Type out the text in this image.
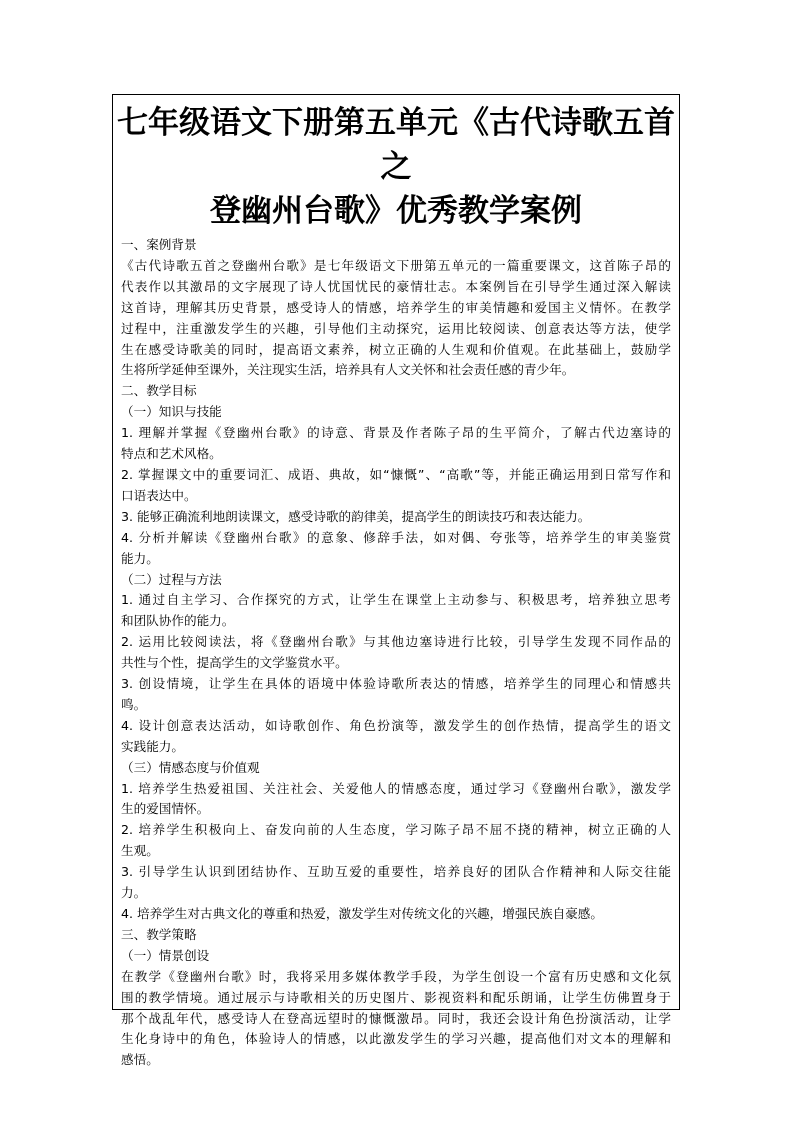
七年级语文下册第五单元《古代诗歌五首之
登幽州台歌》优秀教学案例
一、案例背景
《古代诗歌五首之登幽州台歌》是七年级语文下册第五单元的一篇重要课文，这首陈子昂的
代表作以其激昂的文字展现了诗人忧国忧民的豪情壮志。本案例旨在引导学生通过深入解读
这首诗，理解其历史背景，感受诗人的情感，培养学生的审美情趣和爱国主义情怀。在教学
过程中，注重激发学生的兴趣，引导他们主动探究，运用比较阅读、创意表达等方法，使学
生在感受诗歌美的同时，提高语文素养，树立正确的人生观和价值观。在此基础上，鼓励学
生将所学延伸至课外，关注现实生活，培养具有人文关怀和社会责任感的青少年。
二、教学目标
（一）知识与技能
1. 理解并掌握《登幽州台歌》的诗意、背景及作者陈子昂的生平简介，了解古代边塞诗的
特点和艺术风格。
2. 掌握课文中的重要词汇、成语、典故，如“慷慨”、“高歌”等，并能正确运用到日常写作和
口语表达中。
3. 能够正确流利地朗读课文，感受诗歌的韵律美，提高学生的朗读技巧和表达能力。
4. 分析并解读《登幽州台歌》的意象、修辞手法，如对偶、夸张等，培养学生的审美鉴赏
能力。
（二）过程与方法
1. 通过自主学习、合作探究的方式，让学生在课堂上主动参与、积极思考，培养独立思考
和团队协作的能力。
2. 运用比较阅读法，将《登幽州台歌》与其他边塞诗进行比较，引导学生发现不同作品的
共性与个性，提高学生的文学鉴赏水平。
3. 创设情境，让学生在具体的语境中体验诗歌所表达的情感，培养学生的同理心和情感共
鸣。
4. 设计创意表达活动，如诗歌创作、角色扮演等，激发学生的创作热情，提高学生的语文
实践能力。
（三）情感态度与价值观
1. 培养学生热爱祖国、关注社会、关爱他人的情感态度，通过学习《登幽州台歌》，激发学
生的爱国情怀。
2. 培养学生积极向上、奋发向前的人生态度，学习陈子昂不屈不挠的精神，树立正确的人
生观。
3. 引导学生认识到团结协作、互助互爱的重要性，培养良好的团队合作精神和人际交往能
力。
4. 培养学生对古典文化的尊重和热爱，激发学生对传统文化的兴趣，增强民族自豪感。
三、教学策略
（一）情景创设
在教学《登幽州台歌》时，我将采用多媒体教学手段，为学生创设一个富有历史感和文化氛
围的教学情境。通过展示与诗歌相关的历史图片、影视资料和配乐朗诵，让学生仿佛置身于
那个战乱年代，感受诗人在登高远望时的慷慨激昂。同时，我还会设计角色扮演活动，让学
生化身诗中的角色，体验诗人的情感，以此激发学生的学习兴趣，提高他们对文本的理解和
感悟。
